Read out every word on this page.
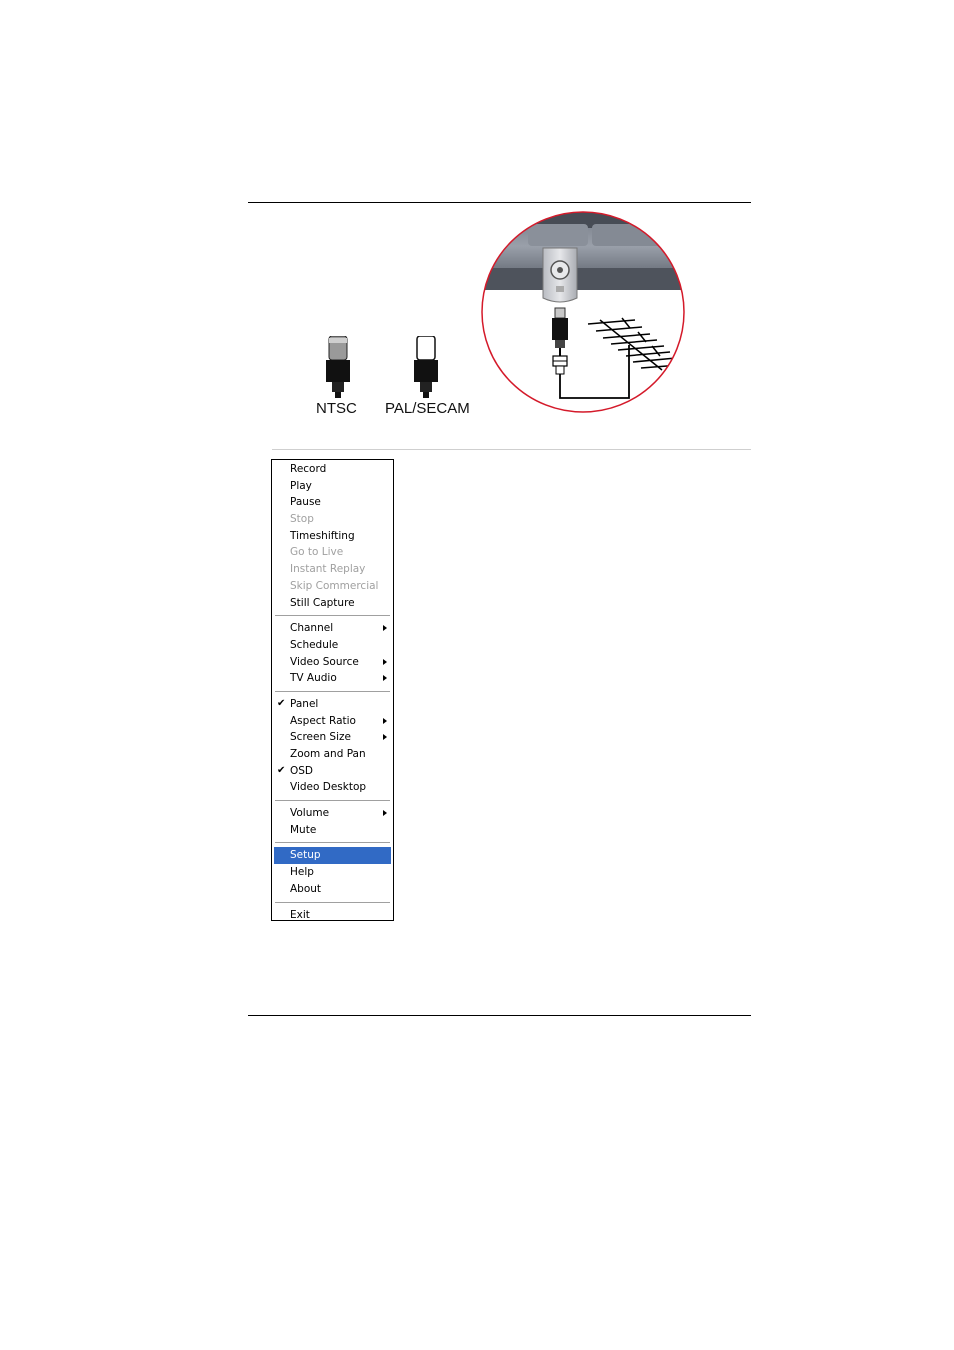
NTSC PAL/SECAM
Record
Play
Pause
Stop
Timeshifting
Go to Live
Instant Replay
Skip Commercial
Still Capture
Channel
Schedule
Video Source
TV Audio
✔ Panel
Aspect Ratio
Screen Size
Zoom and Pan
✔ OSD
Video Desktop
Volume
Mute
Setup
Help
About
Exit
